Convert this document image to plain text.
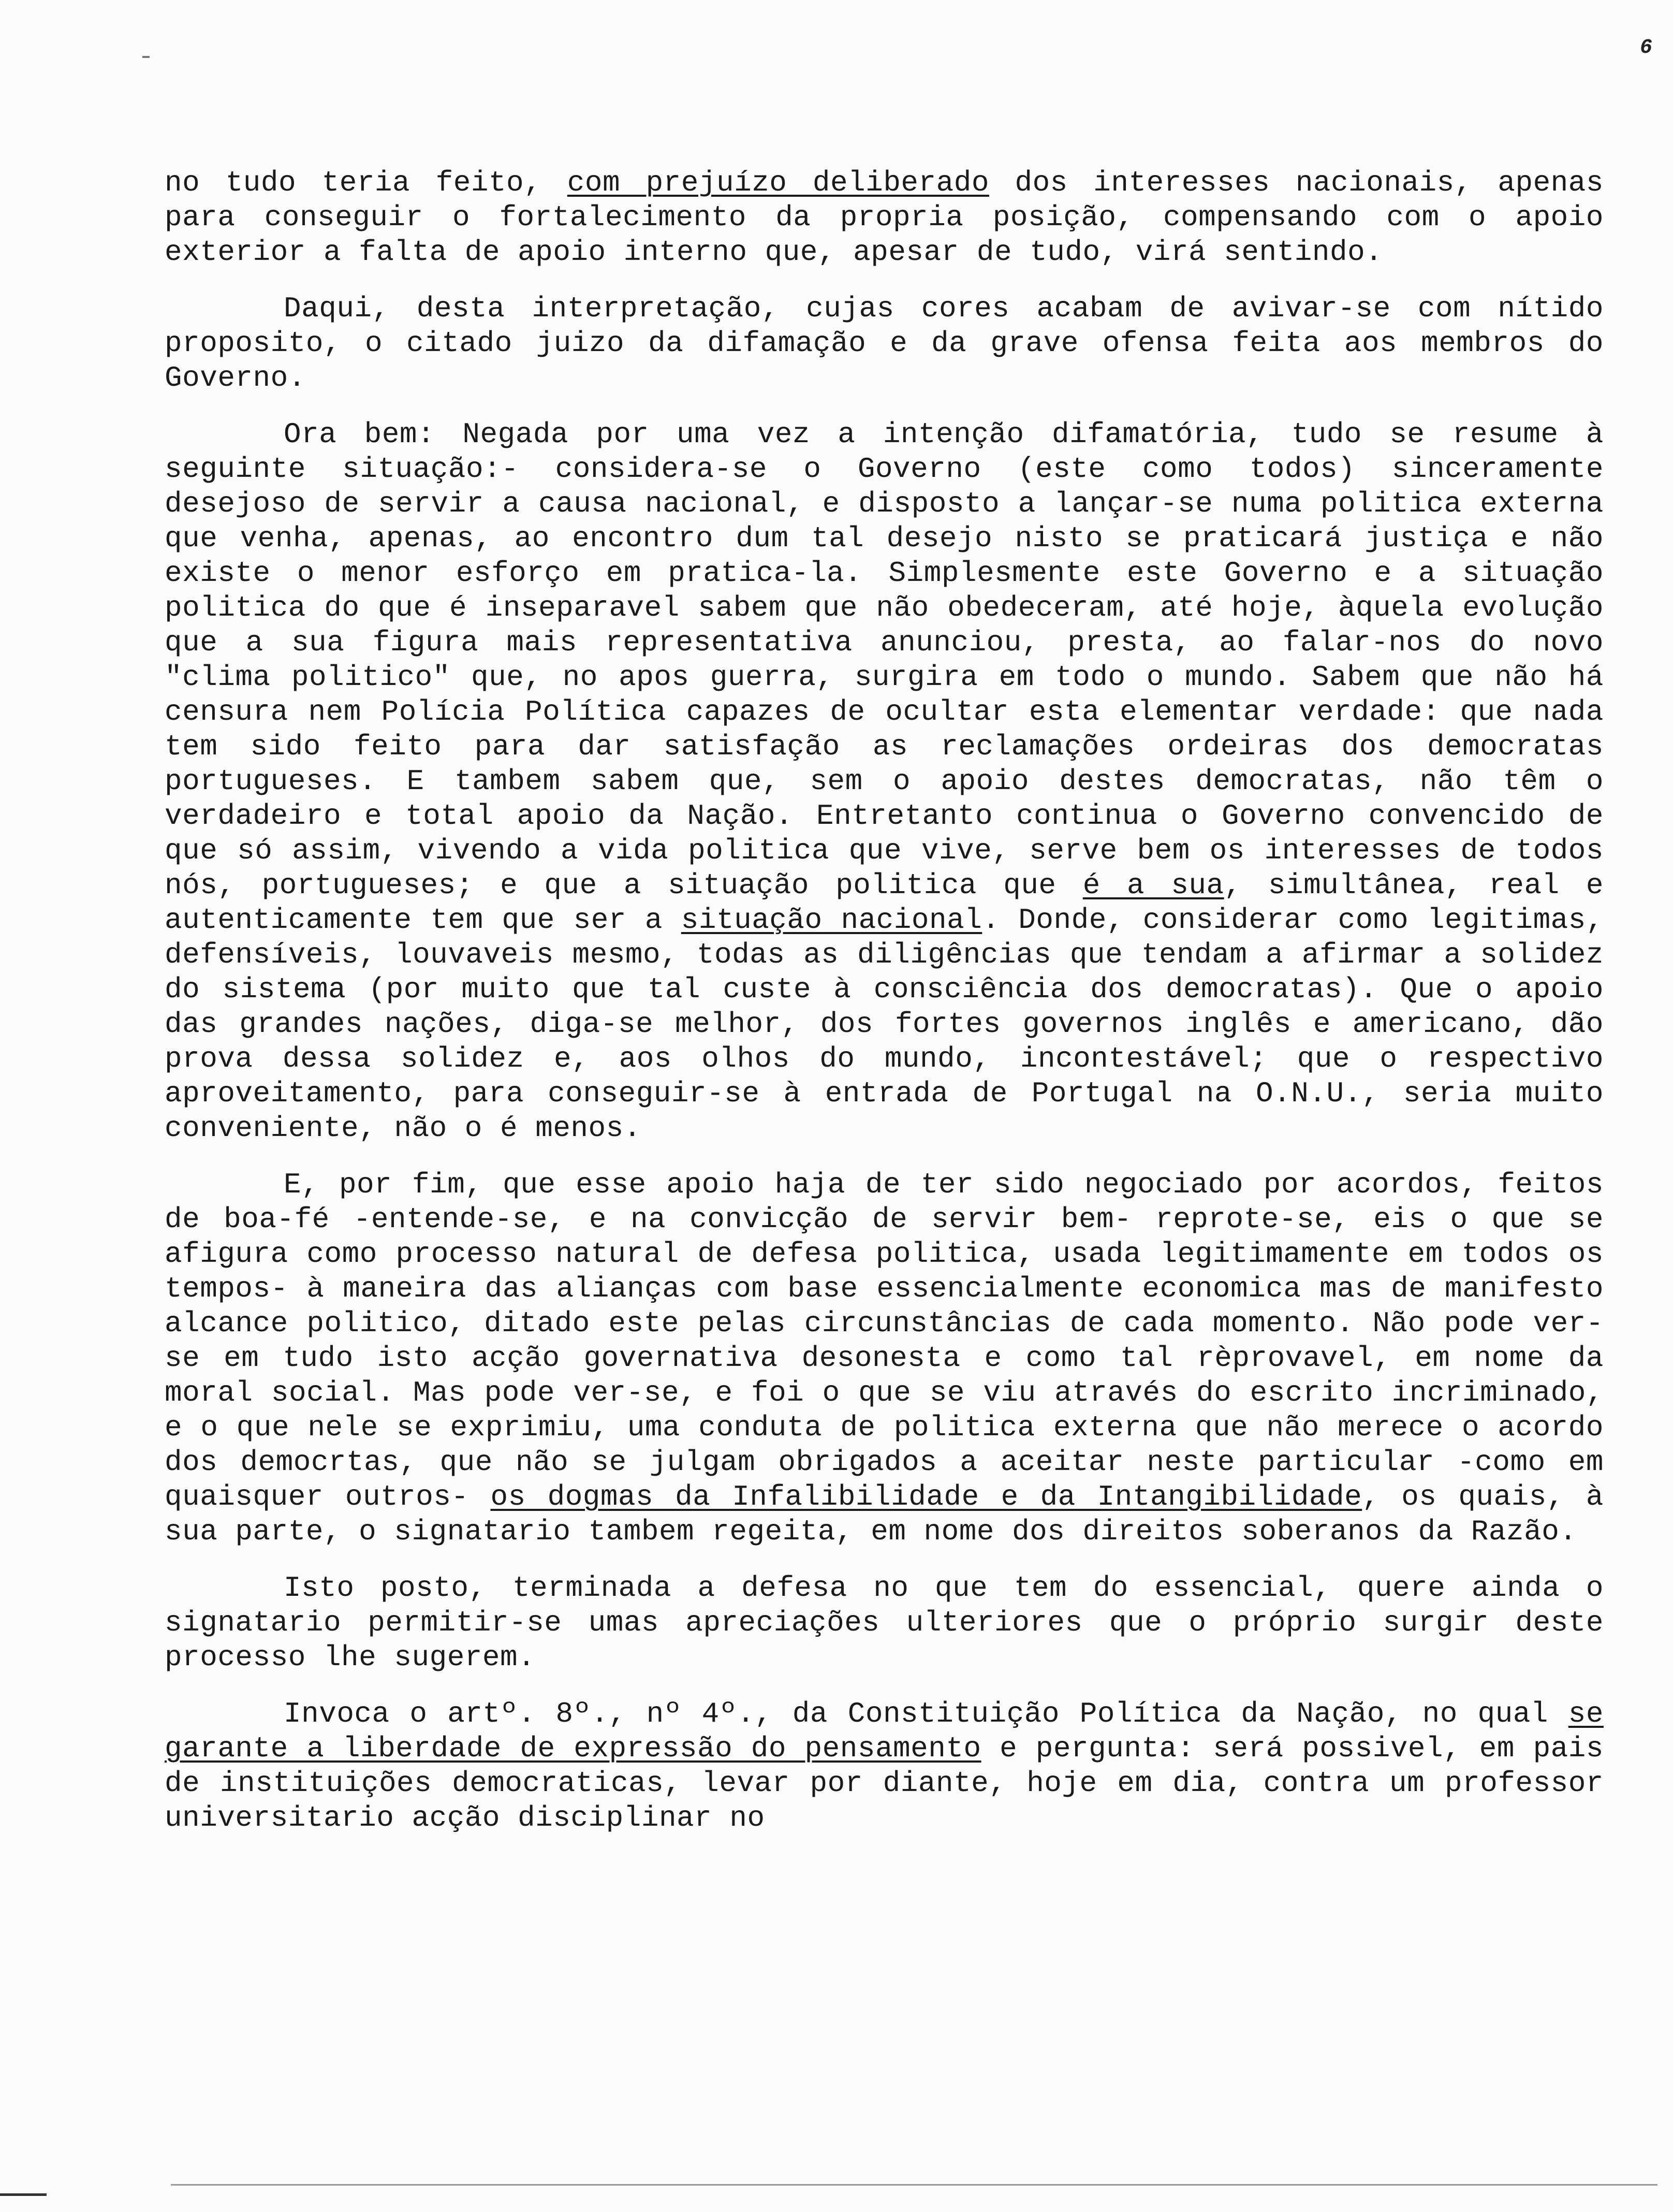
6

no tudo teria feito, com prejuízo deliberado dos interesses nacionais, apenas para conseguir o fortalecimento da propria posição, compensando com o apoio exterior a falta de apoio interno que, apesar de tudo, virá sentindo.

Daqui, desta interpretação, cujas cores acabam de avivar-se com nítido proposito, o citado juizo da difamação e da grave ofensa feita aos membros do Governo.

Ora bem: Negada por uma vez a intenção difamatória, tudo se resume à seguinte situação:- considera-se o Governo (este como todos) sinceramente desejoso de servir a causa nacional, e disposto a lançar-se numa politica externa que venha, apenas, ao encontro dum tal desejo nisto se praticará justiça e não existe o menor esforço em pratica-la. Simplesmente este Governo e a situação politica do que é inseparavel sabem que não obedeceram, até hoje, àquela evolução que a sua figura mais representativa anunciou, presta, ao falar-nos do novo "clima politico" que, no apos guerra, surgira em todo o mundo. Sabem que não há censura nem Polícia Política capazes de ocultar esta elementar verdade: que nada tem sido feito para dar satisfação as reclamações ordeiras dos democratas portugueses. E tambem sabem que, sem o apoio destes democratas, não têm o verdadeiro e total apoio da Nação. Entretanto continua o Governo convencido de que só assim, vivendo a vida politica que vive, serve bem os interesses de todos nós, portugueses; e que a situação politica que é a sua, simultânea, real e autenticamente tem que ser a situação nacional. Donde, considerar como legitimas, defensíveis, louvaveis mesmo, todas as diligências que tendam a afirmar a solidez do sistema (por muito que tal custe à consciência dos democratas). Que o apoio das grandes nações, diga-se melhor, dos fortes governos inglês e americano, dão prova dessa solidez e, aos olhos do mundo, incontestável; que o respectivo aproveitamento, para conseguir-se à entrada de Portugal na O.N.U., seria muito conveniente, não o é menos.

E, por fim, que esse apoio haja de ter sido negociado por acordos, feitos de boa-fé -entende-se, e na convicção de servir bem- reprote-se, eis o que se afigura como processo natural de defesa politica, usada legitimamente em todos os tempos- à maneira das alianças com base essencialmente economica mas de manifesto alcance politico, ditado este pelas circunstâncias de cada momento. Não pode ver-se em tudo isto acção governativa desonesta e como tal rèprovavel, em nome da moral social. Mas pode ver-se, e foi o que se viu através do escrito incriminado, e o que nele se exprimiu, uma conduta de politica externa que não merece o acordo dos democrtas, que não se julgam obrigados a aceitar neste particular -como em quaisquer outros- os dogmas da Infalibilidade e da Intangibilidade, os quais, à sua parte, o signatario tambem regeita, em nome dos direitos soberanos da Razão.

Isto posto, terminada a defesa no que tem do essencial, quere ainda o signatario permitir-se umas apreciações ulteriores que o próprio surgir deste processo lhe sugerem.

Invoca o artº. 8º., nº 4º., da Constituição Política da Nação, no qual se garante a liberdade de expressão do pensamento e pergunta: será possivel, em pais de instituições democraticas, levar por diante, hoje em dia, contra um professor universitario acção disciplinar no
